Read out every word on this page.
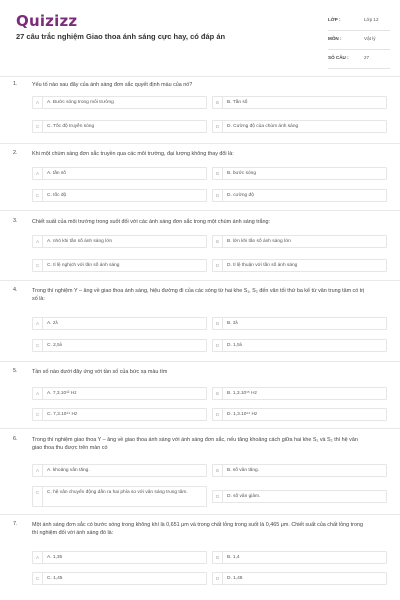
Quizizz
27 câu trắc nghiệm Giao thoa ánh sáng cực hay, có đáp án
LỚP :	Lớp 12
MÔN :	Vật lý
SỐ CÂU :	27
1.	Yếu tố nào sau đây của ánh sáng đơn sắc quyết định màu của nó?
A	A. Bước sóng trong môi trường	B	B. Tần số
C	C. Tốc độ truyền sóng	D	D. Cường độ của chùm ánh sáng
2.	Khi một chùm sáng đơn sắc truyền qua các môi trường, đại lượng không thay đổi là:
A	A. tần số	B	B. bước sóng
C	C. tốc độ	D	D. cường độ
3.	Chiết suất của môi trường trong suốt đối với các ánh sáng đơn sắc trong một chùm ánh sáng trắng:
A	A. nhỏ khi tần số ánh sáng lớn	B	B. lớn khi tần số ánh sáng lớn
C	C. tỉ lệ nghịch với tần số ánh sáng	D	D. tỉ lệ thuận với tần số ánh sáng
4.	Trong thí nghiệm Y – âng về giao thoa ánh sáng, hiệu đường đi của các sóng từ hai khe S₁, S₂ đến vân tối thứ ba kể từ vân trung tâm có trị số là:
A	A. 2λ	B	B. 3λ
C	C. 2,5λ	D	D. 1,5λ
5.	Tần số nào dưới đây ứng với tần số của bức xạ màu tím
A	A. 7,3.10¹² Hz	B	B. 1,3.10¹⁵ Hz
C	C. 7,3.10¹⁴ Hz	D	D. 1,3.10¹⁴ Hz
6.	Trong thí nghiệm giao thoa Y – âng về giao thoa ánh sáng với ánh sáng đơn sắc, nếu tăng khoảng cách giữa hai khe S₁ và S₂ thì hệ vân giao thoa thu được trên màn có
A	A. khoảng vân tăng.	B	B. số vân tăng.
C	C. hệ vân chuyển động dần ra hai phía so với vân sáng trung tâm.
D	D. số vân giảm.
7.	Một ánh sáng đơn sắc có bước sóng trong không khí là 0,651 μm và trong chất lỏng trong suốt là 0,465 μm. Chiết suất của chất lỏng trong thí nghiệm đối với ánh sáng đó là:
A	A. 1,35	B	B. 1,4
C	C. 1,45	D	D. 1,48
